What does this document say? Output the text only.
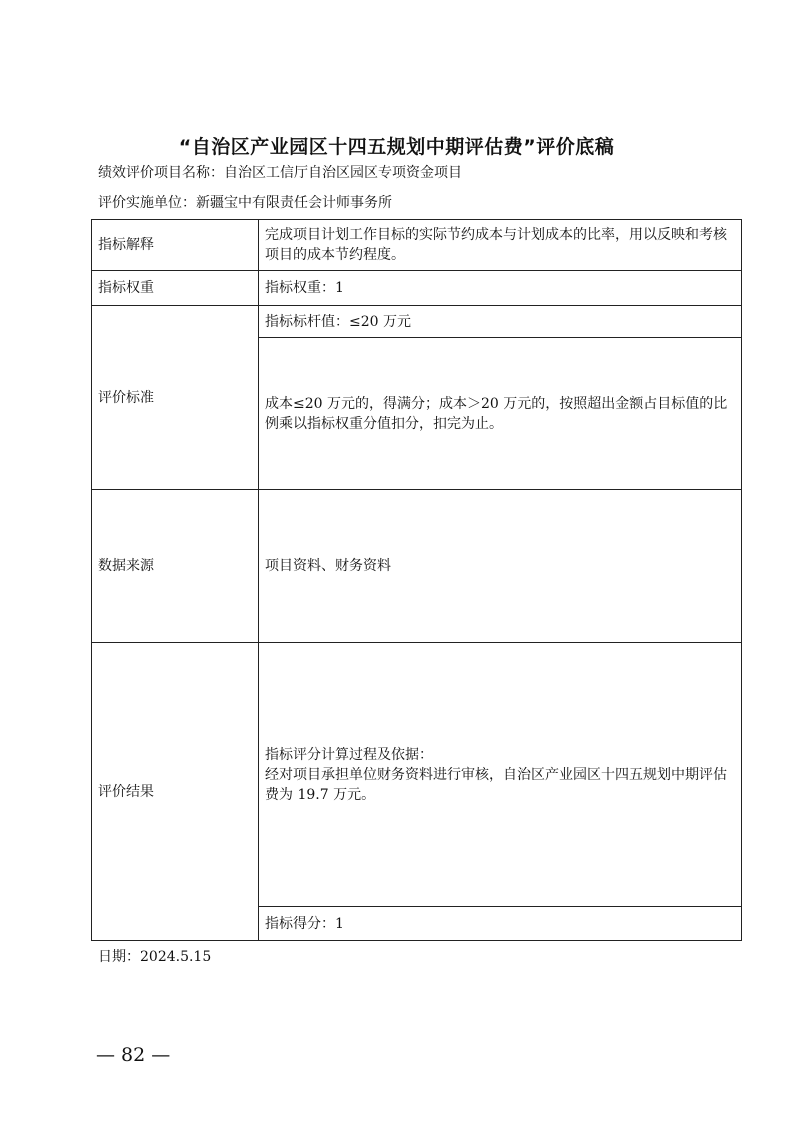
“自治区产业园区十四五规划中期评估费”评价底稿
绩效评价项目名称：自治区工信厅自治区园区专项资金项目
评价实施单位：新疆宝中有限责任会计师事务所
指标解释	完成项目计划工作目标的实际节约成本与计划成本的比率，用以反映和考核项目的成本节约程度。
指标权重	指标权重：1
评价标准	指标标杆值：≤20 万元
	成本≤20 万元的，得满分；成本＞20 万元的，按照超出金额占目标值的比例乘以指标权重分值扣分，扣完为止。
数据来源	项目资料、财务资料
评价结果	指标评分计算过程及依据：
经对项目承担单位财务资料进行审核，自治区产业园区十四五规划中期评估费为 19.7 万元。

	指标得分：1
日期：2024.5.15
— 82 —
